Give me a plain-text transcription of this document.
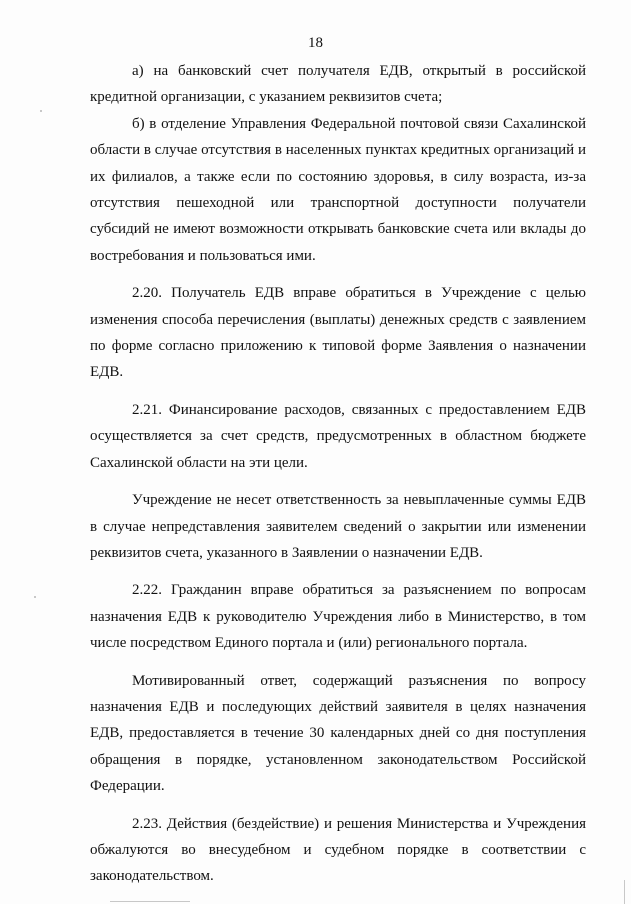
18

а) на банковский счет получателя ЕДВ, открытый в российской кредитной организации, с указанием реквизитов счета;

б) в отделение Управления Федеральной почтовой связи Сахалинской области в случае отсутствия в населенных пунктах кредитных организаций и их филиалов, а также если по состоянию здоровья, в силу возраста, из-за отсутствия пешеходной или транспортной доступности получатели субсидий не имеют возможности открывать банковские счета или вклады до востребования и пользоваться ими.

2.20. Получатель ЕДВ вправе обратиться в Учреждение с целью изменения способа перечисления (выплаты) денежных средств с заявлением по форме согласно приложению к типовой форме Заявления о назначении ЕДВ.

2.21. Финансирование расходов, связанных с предоставлением ЕДВ осуществляется за счет средств, предусмотренных в областном бюджете Сахалинской области на эти цели.

Учреждение не несет ответственность за невыплаченные суммы ЕДВ в случае непредставления заявителем сведений о закрытии или изменении реквизитов счета, указанного в Заявлении о назначении ЕДВ.

2.22. Гражданин вправе обратиться за разъяснением по вопросам назначения ЕДВ к руководителю Учреждения либо в Министерство, в том числе посредством Единого портала и (или) регионального портала.

Мотивированный ответ, содержащий разъяснения по вопросу назначения ЕДВ и последующих действий заявителя в целях назначения ЕДВ, предоставляется в течение 30 календарных дней со дня поступления обращения в порядке, установленном законодательством Российской Федерации.

2.23. Действия (бездействие) и решения Министерства и Учреждения обжалуются во внесудебном и судебном порядке в соответствии с законодательством.
